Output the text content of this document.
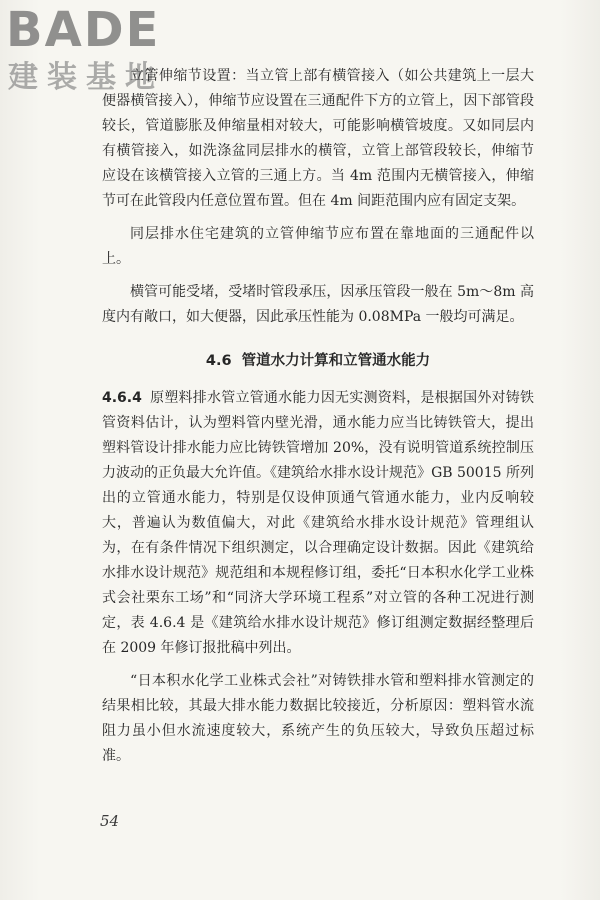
BADE
建装基地

立管伸缩节设置：当立管上部有横管接入（如公共建筑上一层大便器横管接入），伸缩节应设置在三通配件下方的立管上，因下部管段较长，管道膨胀及伸缩量相对较大，可能影响横管坡度。又如同层内有横管接入，如洗涤盆同层排水的横管，立管上部管段较长，伸缩节应设在该横管接入立管的三通上方。当 4m 范围内无横管接入，伸缩节可在此管段内任意位置布置。但在 4m 间距范围内应有固定支架。

同层排水住宅建筑的立管伸缩节应布置在靠地面的三通配件以上。

横管可能受堵，受堵时管段承压，因承压管段一般在 5m～8m 高度内有敞口，如大便器，因此承压性能为 0.08MPa 一般均可满足。

4.6 管道水力计算和立管通水能力

4.6.4 原塑料排水管立管通水能力因无实测资料，是根据国外对铸铁管资料估计，认为塑料管内壁光滑，通水能力应当比铸铁管大，提出塑料管设计排水能力应比铸铁管增加 20%，没有说明管道系统控制压力波动的正负最大允许值。《建筑给水排水设计规范》GB 50015 所列出的立管通水能力，特别是仅设伸顶通气管通水能力，业内反响较大，普遍认为数值偏大，对此《建筑给水排水设计规范》管理组认为，在有条件情况下组织测定，以合理确定设计数据。因此《建筑给水排水设计规范》规范组和本规程修订组，委托“日本积水化学工业株式会社栗东工场”和“同济大学环境工程系”对立管的各种工况进行测定，表 4.6.4 是《建筑给水排水设计规范》修订组测定数据经整理后在 2009 年修订报批稿中列出。

“日本积水化学工业株式会社”对铸铁排水管和塑料排水管测定的结果相比较，其最大排水能力数据比较接近，分析原因：塑料管水流阻力虽小但水流速度较大，系统产生的负压较大，导致负压超过标准。

54
